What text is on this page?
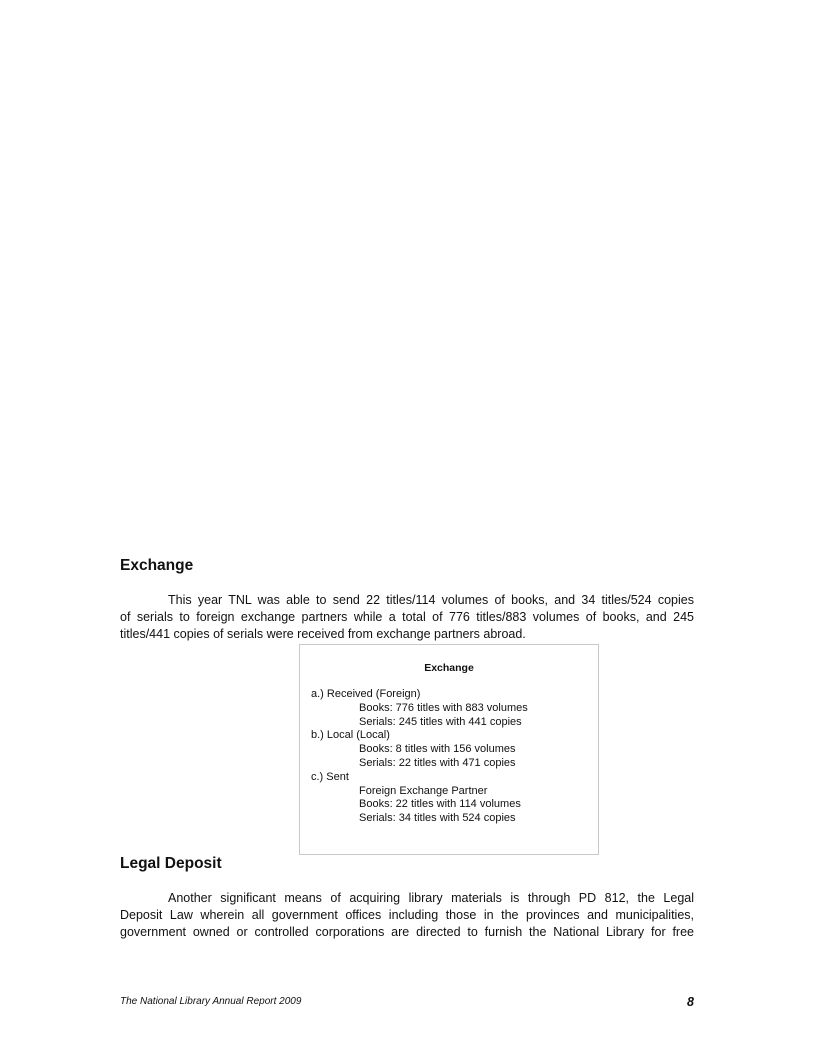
Exchange

This year TNL was able to send 22 titles/114 volumes of books, and 34 titles/524 copies
of serials to foreign exchange partners while a total of 776 titles/883 volumes of books, and 245
titles/441 copies of serials were received from exchange partners abroad.

Exchange

a.) Received (Foreign)
Books: 776 titles with 883 volumes
Serials: 245 titles with 441 copies
b.) Local (Local)
Books: 8 titles with 156 volumes
Serials: 22 titles with 471 copies
c.) Sent
Foreign Exchange Partner
Books: 22 titles with 114 volumes
Serials: 34 titles with 524 copies
Legal Deposit

Another significant means of acquiring library materials is through PD 812, the Legal
Deposit Law wherein all government offices including those in the provinces and municipalities,
government owned or controlled corporations are directed to furnish the National Library for free

The National Library Annual Report 2009	8
